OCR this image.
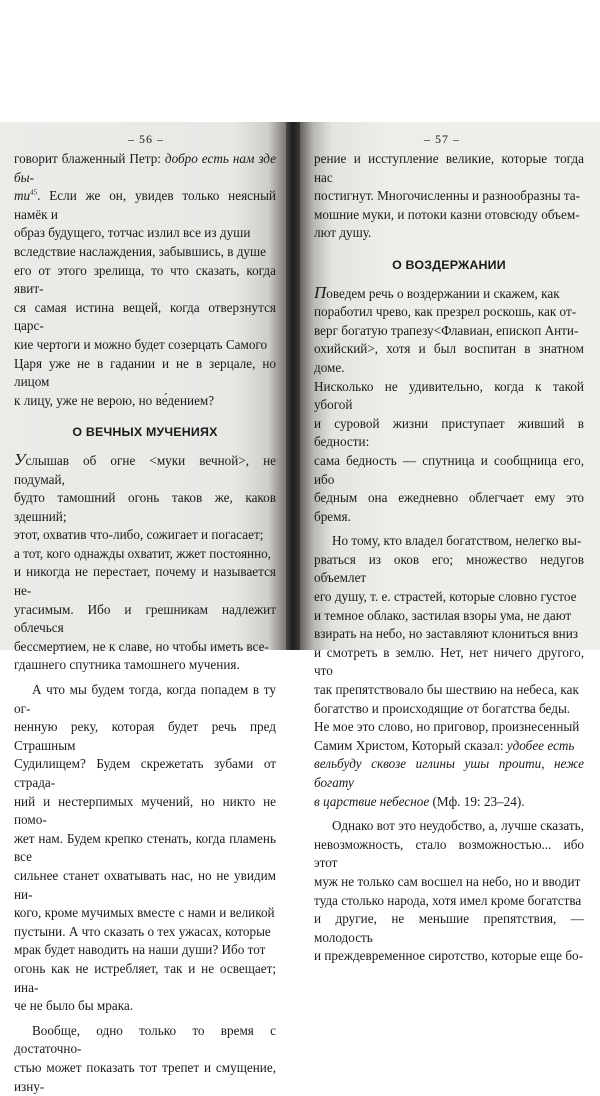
– 56 –

говорит блаженный Петр: добро есть нам зде бы-

$ти^{45}$. Если же он, увидев только неясный намёк и

образ будущего, тотчас излил все из души

вследствие наслаждения, забывшись, в душе

его от этого зрелища, то что сказать, когда явит-

ся самая истина вещей, когда отверзнутся царс-

кие чертоги и можно будет созерцать Самого

Царя уже не в гадании и не в зерцале, но лицом

к лицу, уже не верою, но ве́дением?

О ВЕЧНЫХ МУЧЕНИЯХ

Услышав об огне <муки вечной>, не подумай,

будто тамошний огонь таков же, каков здешний;

этот, охватив что-либо, сожигает и погасает;

а тот, кого однажды охватит, жжет постоянно,

и никогда не перестает, почему и называется не-

угасимым. Ибо и грешникам надлежит облечься

бессмертием, не к славе, но чтобы иметь все-

гдашнего спутника тамошнего мучения.

А что мы будем тогда, когда попадем в ту ог-

ненную реку, которая будет речь пред Страшным

Судилищем? Будем скрежетать зубами от страда-

ний и нестерпимых мучений, но никто не помо-

жет нам. Будем крепко стенать, когда пламень все

сильнее станет охватывать нас, но не увидим ни-

кого, кроме мучимых вместе с нами и великой

пустыни. А что сказать о тех ужасах, которые

мрак будет наводить на наши души? Ибо тот

огонь как не истребляет, так и не освещает; ина-

че не было бы мрака.

Вообще, одно только то время с достаточно-

стью может показать тот трепет и смущение, изну-

– 57 –

рение и исступление великие, которые тогда нас

постигнут. Многочисленны и разнообразны та-

мошние муки, и потоки казни отовсюду объем-

лют душу.

О ВОЗДЕРЖАНИИ

Поведем речь о воздержании и скажем, как

поработил чрево, как презрел роскошь, как от-

верг богатую трапезу<Флавиан, епископ Анти-

охийский>, хотя и был воспитан в знатном доме.

Нисколько не удивительно, когда к такой убогой

и суровой жизни приступает живший в бедности:

сама бедность — спутница и сообщница его, ибо

бедным она ежедневно облегчает ему это бремя.

Но тому, кто владел богатством, нелегко вы-

рваться из оков его; множество недугов объемлет

его душу, т. е. страстей, которые словно густое

и темное облако, застилая взоры ума, не дают

взирать на небо, но заставляют клониться вниз

и смотреть в землю. Нет, нет ничего другого, что

так препятствовало бы шествию на небеса, как

богатство и происходящие от богатства беды.

Не мое это слово, но приговор, произнесенный

Самим Христом, Который сказал: удобее есть

вельбуду сквозе иглины ушы проити, неже богату

в царствие небесное (Мф. 19: 23–24).

Однако вот это неудобство, а, лучше сказать,

невозможность, стало возможностью... ибо этот

муж не только сам восшел на небо, но и вводит

туда столько народа, хотя имел кроме богатства

и другие, не меньшие препятствия, — молодость

и преждевременное сиротство, которые еще бо-
